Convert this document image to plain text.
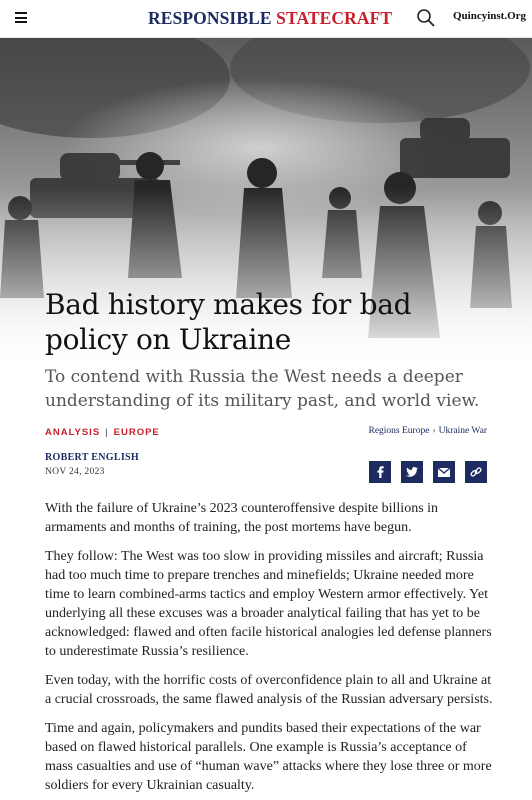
RESPONSIBLE STATECRAFT	Quincyinst.Org
Bad history makes for bad policy on Ukraine

To contend with Russia the West needs a deeper understanding of its military past, and world view.

ANALYSIS | EUROPE	Regions Europe › Ukraine War
ROBERT ENGLISH
NOV 24, 2023

With the failure of Ukraine’s 2023 counteroffensive despite billions in armaments and months of training, the post mortems have begun.

They follow: The West was too slow in providing missiles and aircraft; Russia had too much time to prepare trenches and minefields; Ukraine needed more time to learn combined-arms tactics and employ Western armor effectively. Yet underlying all these excuses was a broader analytical failing that has yet to be acknowledged: flawed and often facile historical analogies led defense planners to underestimate Russia’s resilience.

Even today, with the horrific costs of overconfidence plain to all and Ukraine at a crucial crossroads, the same flawed analysis of the Russian adversary persists.

Time and again, policymakers and pundits based their expectations of the war based on flawed historical parallels. One example is Russia’s acceptance of mass casualties and use of “human wave” attacks where they lose three or more soldiers for every Ukrainian casualty.
